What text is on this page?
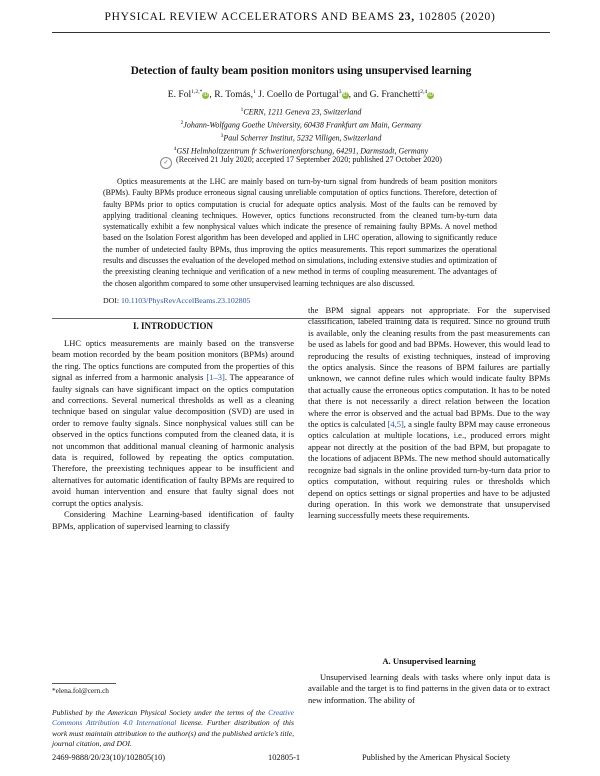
PHYSICAL REVIEW ACCELERATORS AND BEAMS 23, 102805 (2020)
Detection of faulty beam position monitors using unsupervised learning
E. Fol$^{1,2,*}$iD, R. Tomás,$^1$ J. Coello de Portugal$^3$iD, and G. Franchetti$^{2,4}$iD
$^1$CERN, 1211 Geneva 23, Switzerland
$^2$Johann-Wolfgang Goethe University, 60438 Frankfurt am Main, Germany
$^3$Paul Scherrer Institut, 5232 Villigen, Switzerland
$^4$GSI Helmholtzzentrum fr Schwerionenforschung, 64291, Darmstadt, Germany
✓ (Received 21 July 2020; accepted 17 September 2020; published 27 October 2020)

Optics measurements at the LHC are mainly based on turn-by-turn signal from hundreds of beam position monitors (BPMs). Faulty BPMs produce erroneous signal causing unreliable computation of optics functions. Therefore, detection of faulty BPMs prior to optics computation is crucial for adequate optics analysis. Most of the faults can be removed by applying traditional cleaning techniques. However, optics functions reconstructed from the cleaned turn-by-turn data systematically exhibit a few nonphysical values which indicate the presence of remaining faulty BPMs. A novel method based on the Isolation Forest algorithm has been developed and applied in LHC operation, allowing to significantly reduce the number of undetected faulty BPMs, thus improving the optics measurements. This report summarizes the operational results and discusses the evaluation of the developed method on simulations, including extensive studies and optimization of the preexisting cleaning technique and verification of a new method in terms of coupling measurement. The advantages of the chosen algorithm compared to some other unsupervised learning techniques are also discussed.

DOI: 10.1103/PhysRevAccelBeams.23.102805
I. INTRODUCTION

LHC optics measurements are mainly based on the transverse beam motion recorded by the beam position monitors (BPMs) around the ring. The optics functions are computed from the properties of this signal as inferred from a harmonic analysis [1–3]. The appearance of faulty signals can have significant impact on the optics computation and corrections. Several numerical thresholds as well as a cleaning technique based on singular value decomposition (SVD) are used in order to remove faulty signals. Since nonphysical values still can be observed in the optics functions computed from the cleaned data, it is not uncommon that additional manual cleaning of harmonic analysis data is required, followed by repeating the optics computation. Therefore, the preexisting techniques appear to be insufficient and alternatives for automatic identification of faulty BPMs are required to avoid human intervention and ensure that faulty signal does not corrupt the optics analysis.

Considering Machine Learning-based identification of faulty BPMs, application of supervised learning to classify

the BPM signal appears not appropriate. For the supervised classification, labeled training data is required. Since no ground truth is available, only the cleaning results from the past measurements can be used as labels for good and bad BPMs. However, this would lead to reproducing the results of existing techniques, instead of improving the optics analysis. Since the reasons of BPM failures are partially unknown, we cannot define rules which would indicate faulty BPMs that actually cause the erroneous optics computation. It has to be noted that there is not necessarily a direct relation between the location where the error is observed and the actual bad BPMs. Due to the way the optics is calculated [4,5], a single faulty BPM may cause erroneous optics calculation at multiple locations, i.e., produced errors might appear not directly at the position of the bad BPM, but propagate to the locations of adjacent BPMs. The new method should automatically recognize bad signals in the online provided turn-by-turn data prior to optics computation, without requiring rules or thresholds which depend on optics settings or signal properties and have to be adjusted during operation. In this work we demonstrate that unsupervised learning successfully meets these requirements.

A. Unsupervised learning

Unsupervised learning deals with tasks where only input data is available and the target is to find patterns in the given data or to extract new information. The ability of

*elena.fol@cern.ch
Published by the American Physical Society under the terms of the Creative Commons Attribution 4.0 International license. Further distribution of this work must maintain attribution to the author(s) and the published article’s title, journal citation, and DOI.
2469-9888/20/23(10)/102805(10)	102805-1	Published by the American Physical Society
